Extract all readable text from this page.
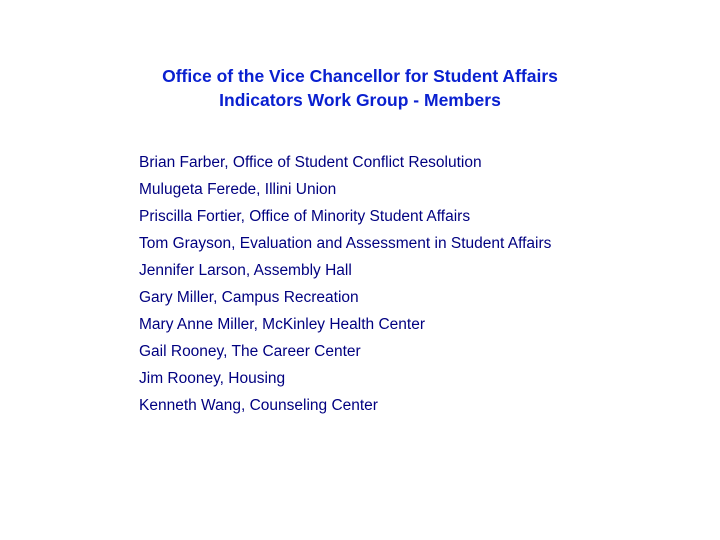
Office of the Vice Chancellor for Student Affairs
Indicators Work Group - Members
Brian Farber, Office of Student Conflict Resolution
Mulugeta Ferede, Illini Union
Priscilla Fortier, Office of Minority Student Affairs
Tom Grayson, Evaluation and Assessment in Student Affairs
Jennifer Larson, Assembly Hall
Gary Miller, Campus Recreation
Mary Anne Miller, McKinley Health Center
Gail Rooney, The Career Center
Jim Rooney, Housing
Kenneth Wang, Counseling Center
